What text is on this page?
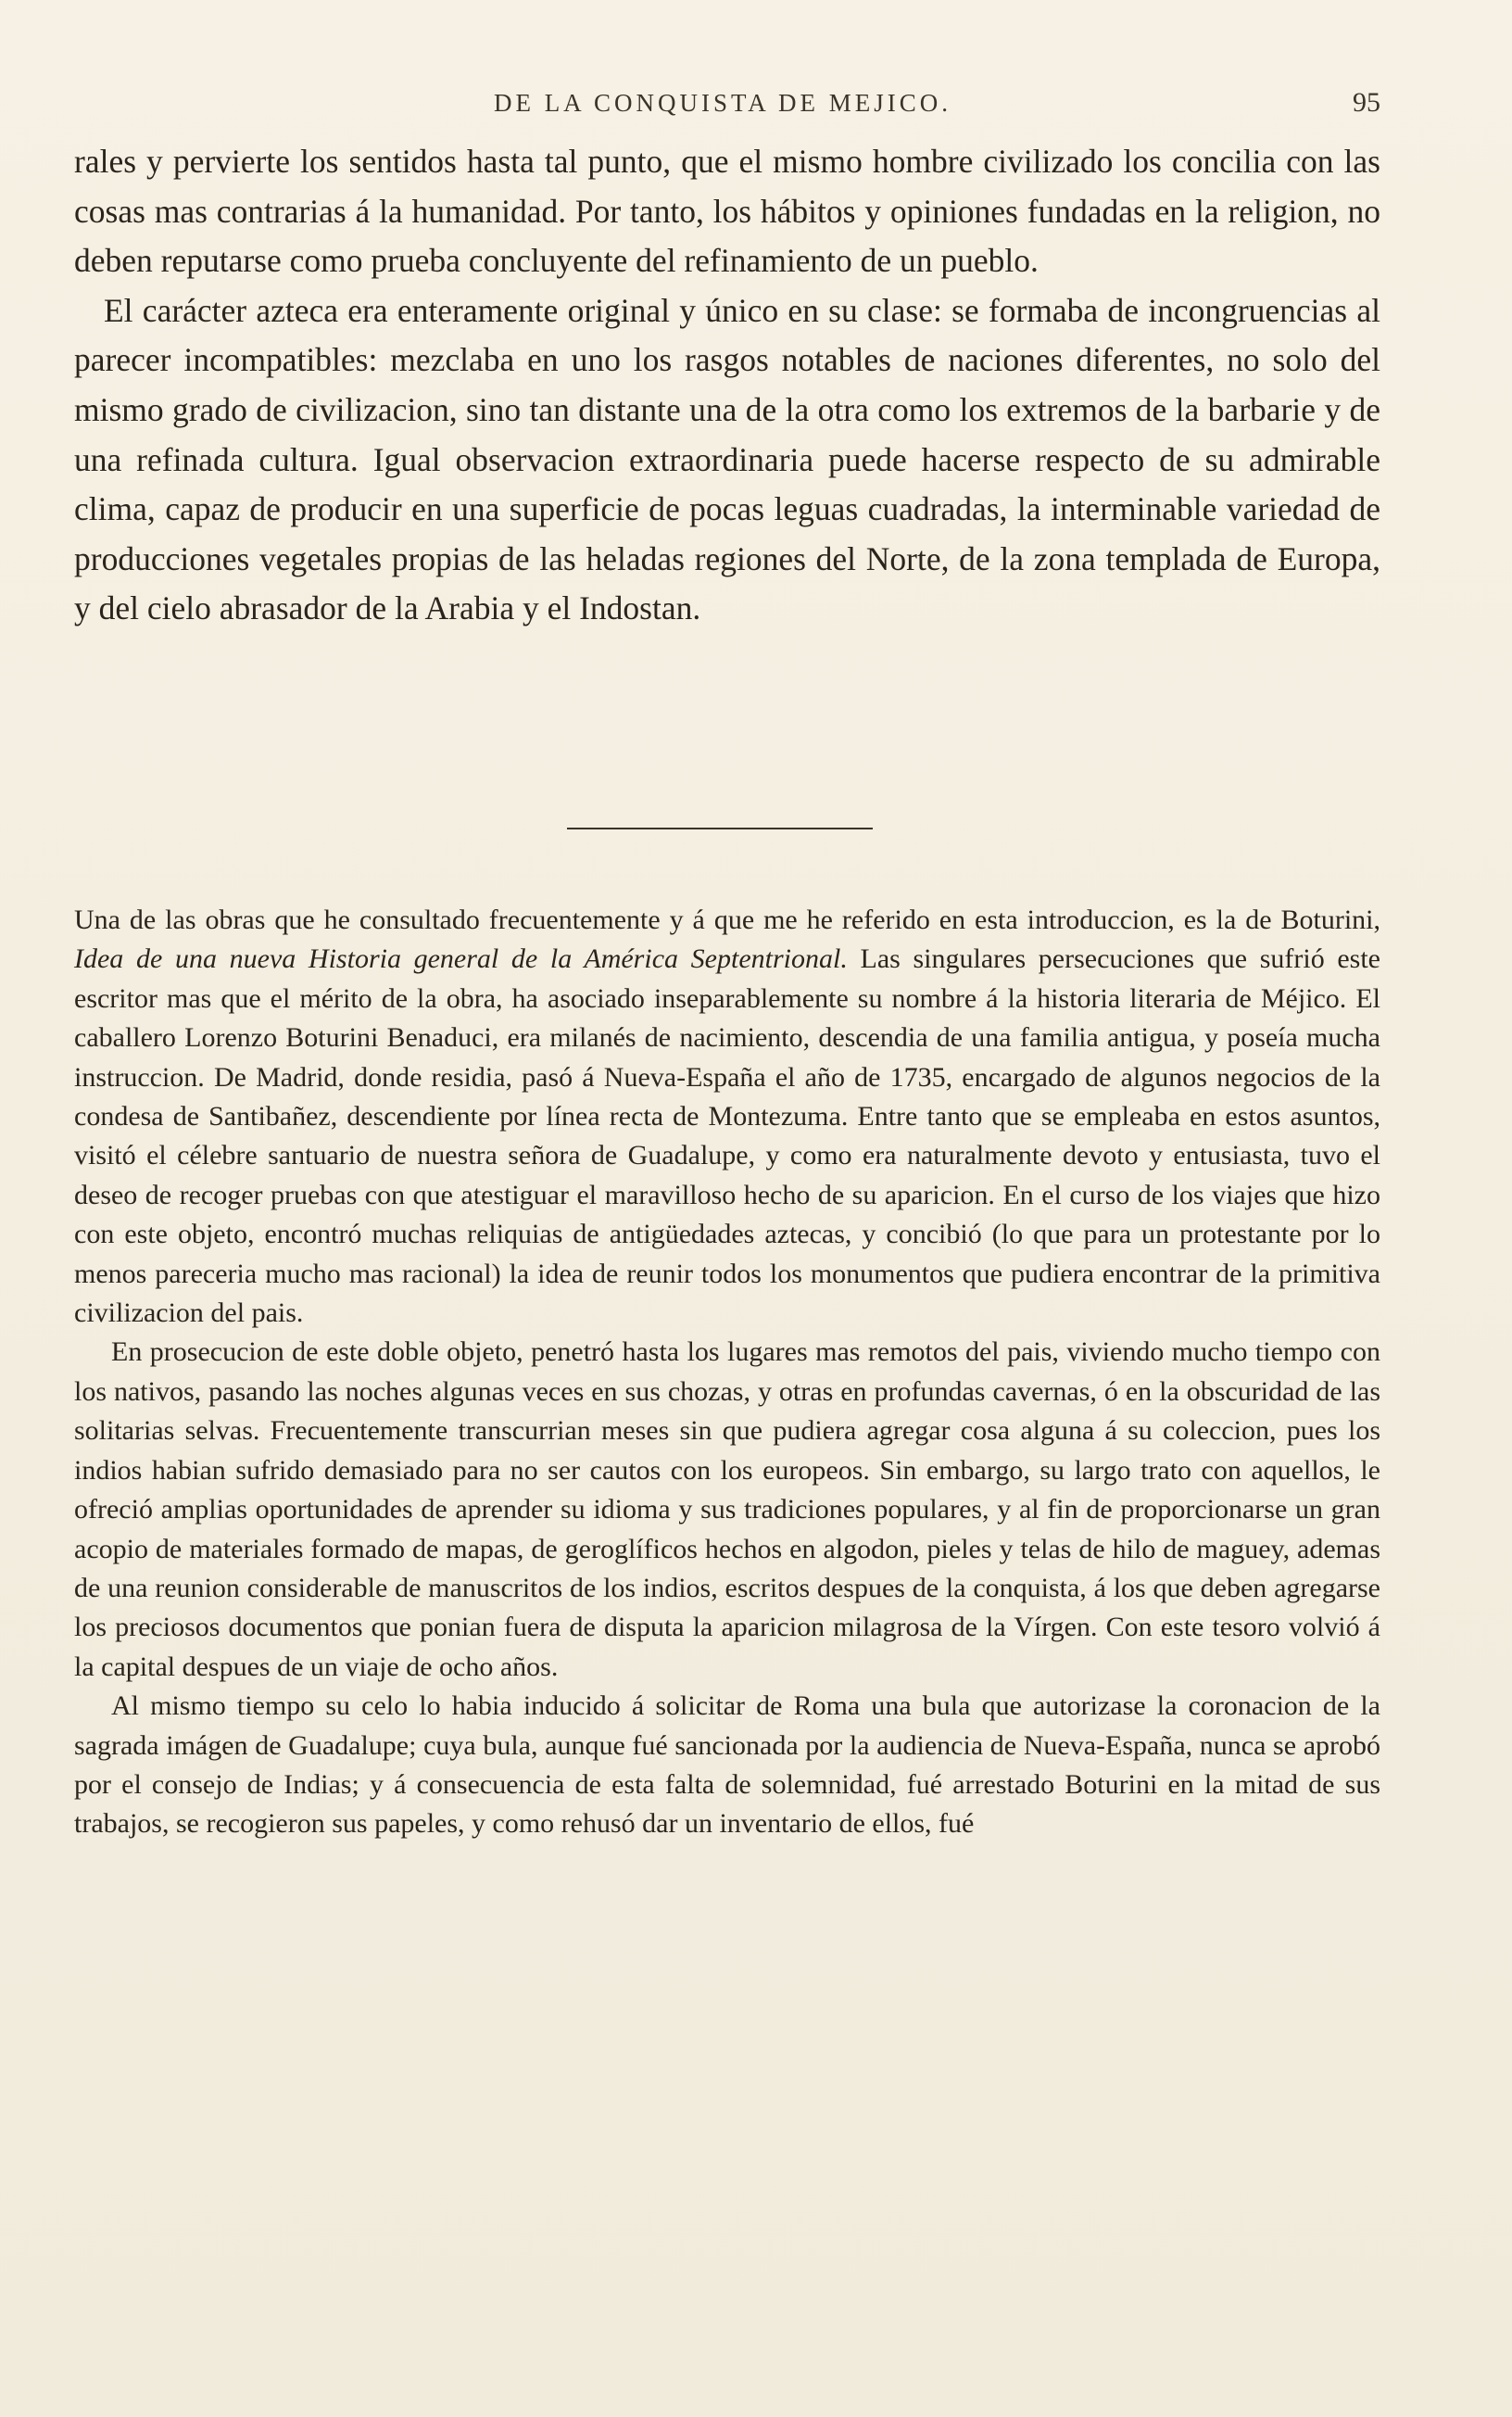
DE LA CONQUISTA DE MEJICO.	95

rales y pervierte los sentidos hasta tal punto, que el mismo hombre civilizado los concilia con las cosas mas contrarias á la humanidad. Por tanto, los hábitos y opiniones fundadas en la religion, no deben reputarse como prueba concluyente del refinamiento de un pueblo.

El carácter azteca era enteramente original y único en su clase: se formaba de incongruencias al parecer incompatibles: mezclaba en uno los rasgos notables de naciones diferentes, no solo del mismo grado de civilizacion, sino tan distante una de la otra como los extremos de la barbarie y de una refinada cultura. Igual observacion extraordinaria puede hacerse respecto de su admirable clima, capaz de producir en una superficie de pocas leguas cuadradas, la interminable variedad de producciones vegetales propias de las heladas regiones del Norte, de la zona templada de Europa, y del cielo abrasador de la Arabia y el Indostan.

Una de las obras que he consultado frecuentemente y á que me he referido en esta introduccion, es la de Boturini, Idea de una nueva Historia general de la América Septentrional. Las singulares persecuciones que sufrió este escritor mas que el mérito de la obra, ha asociado inseparablemente su nombre á la historia literaria de Méjico. El caballero Lorenzo Boturini Benaduci, era milanés de nacimiento, descendia de una familia antigua, y poseía mucha instruccion. De Madrid, donde residia, pasó á Nueva-España el año de 1735, encargado de algunos negocios de la condesa de Santibañez, descendiente por línea recta de Montezuma. Entre tanto que se empleaba en estos asuntos, visitó el célebre santuario de nuestra señora de Guadalupe, y como era naturalmente devoto y entusiasta, tuvo el deseo de recoger pruebas con que atestiguar el maravilloso hecho de su aparicion. En el curso de los viajes que hizo con este objeto, encontró muchas reliquias de antigüedades aztecas, y concibió (lo que para un protestante por lo menos pareceria mucho mas racional) la idea de reunir todos los monumentos que pudiera encontrar de la primitiva civilizacion del pais.

En prosecucion de este doble objeto, penetró hasta los lugares mas remotos del pais, viviendo mucho tiempo con los nativos, pasando las noches algunas veces en sus chozas, y otras en profundas cavernas, ó en la obscuridad de las solitarias selvas. Frecuentemente transcurrian meses sin que pudiera agregar cosa alguna á su coleccion, pues los indios habian sufrido demasiado para no ser cautos con los europeos. Sin embargo, su largo trato con aquellos, le ofreció amplias oportunidades de aprender su idioma y sus tradiciones populares, y al fin de proporcionarse un gran acopio de materiales formado de mapas, de geroglíficos hechos en algodon, pieles y telas de hilo de maguey, ademas de una reunion considerable de manuscritos de los indios, escritos despues de la conquista, á los que deben agregarse los preciosos documentos que ponian fuera de disputa la aparicion milagrosa de la Vírgen. Con este tesoro volvió á la capital despues de un viaje de ocho años.

Al mismo tiempo su celo lo habia inducido á solicitar de Roma una bula que autorizase la coronacion de la sagrada imágen de Guadalupe; cuya bula, aunque fué sancionada por la audiencia de Nueva-España, nunca se aprobó por el consejo de Indias; y á consecuencia de esta falta de solemnidad, fué arrestado Boturini en la mitad de sus trabajos, se recogieron sus papeles, y como rehusó dar un inventario de ellos, fué
